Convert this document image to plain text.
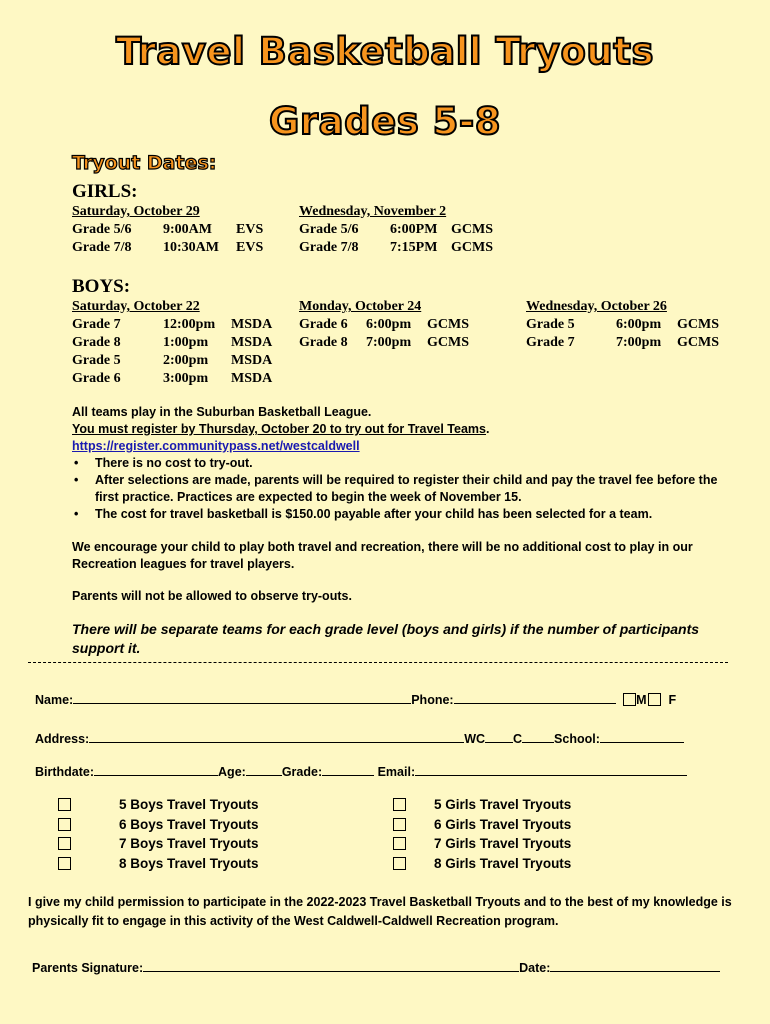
Travel Basketball Tryouts
Grades 5-8
Tryout Dates:
GIRLS:
Saturday, October 29
Grade 5/6	9:00AM	EVS
Grade 7/8	10:30AM	EVS
Wednesday, November 2
Grade 5/6	6:00PM GCMS
Grade 7/8	7:15PM GCMS
BOYS:
Saturday, October 22
Grade 7	12:00pm	MSDA
Grade 8	1:00pm	MSDA
Grade 5	2:00pm	MSDA
Grade 6	3:00pm	MSDA
Monday, October 24
Grade 6	6:00pm	GCMS
Grade 8	7:00pm	GCMS
Wednesday, October 26
Grade 5	6:00pm	GCMS
Grade 7	7:00pm	GCMS
All teams play in the Suburban Basketball League.
You must register by Thursday, October 20 to try out for Travel Teams.
https://register.communitypass.net/westcaldwell
• There is no cost to try-out.
• After selections are made, parents will be required to register their child and pay the travel fee before the first practice. Practices are expected to begin the week of November 15.
• The cost for travel basketball is $150.00 payable after your child has been selected for a team.
We encourage your child to play both travel and recreation, there will be no additional cost to play in our Recreation leagues for travel players.
Parents will not be allowed to observe try-outs.
There will be separate teams for each grade level (boys and girls) if the number of participants support it.
Name:	Phone:	M F
Address:	WC C	School:
Birthdate:	Age:	Grade:	Email:
5 Boys Travel Tryouts
6 Boys Travel Tryouts
7 Boys Travel Tryouts
8 Boys Travel Tryouts
5 Girls Travel Tryouts
6 Girls Travel Tryouts
7 Girls Travel Tryouts
8 Girls Travel Tryouts
I give my child permission to participate in the 2022-2023 Travel Basketball Tryouts and to the best of my knowledge is physically fit to engage in this activity of the West Caldwell-Caldwell Recreation program.
Parents Signature:	Date:
